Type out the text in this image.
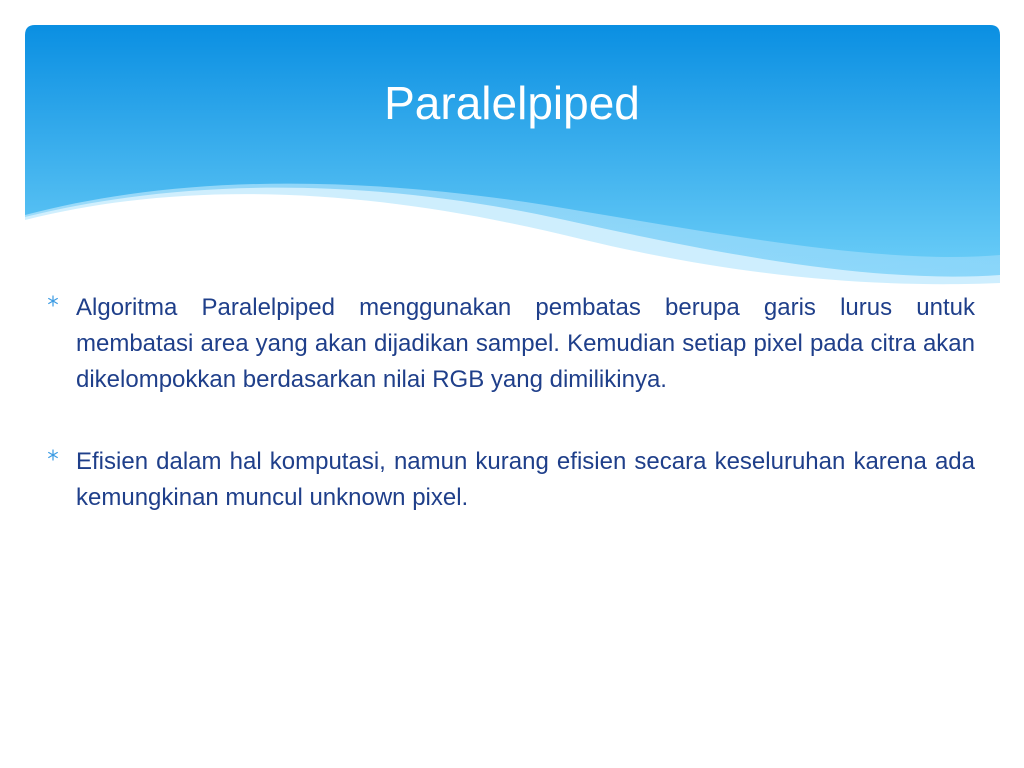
Paralelpiped

Algoritma Paralelpiped menggunakan pembatas berupa garis lurus untuk membatasi area yang akan dijadikan sampel. Kemudian setiap pixel pada citra akan dikelompokkan berdasarkan nilai RGB yang dimilikinya.

Efisien dalam hal komputasi, namun kurang efisien secara keseluruhan karena ada kemungkinan muncul unknown pixel.
